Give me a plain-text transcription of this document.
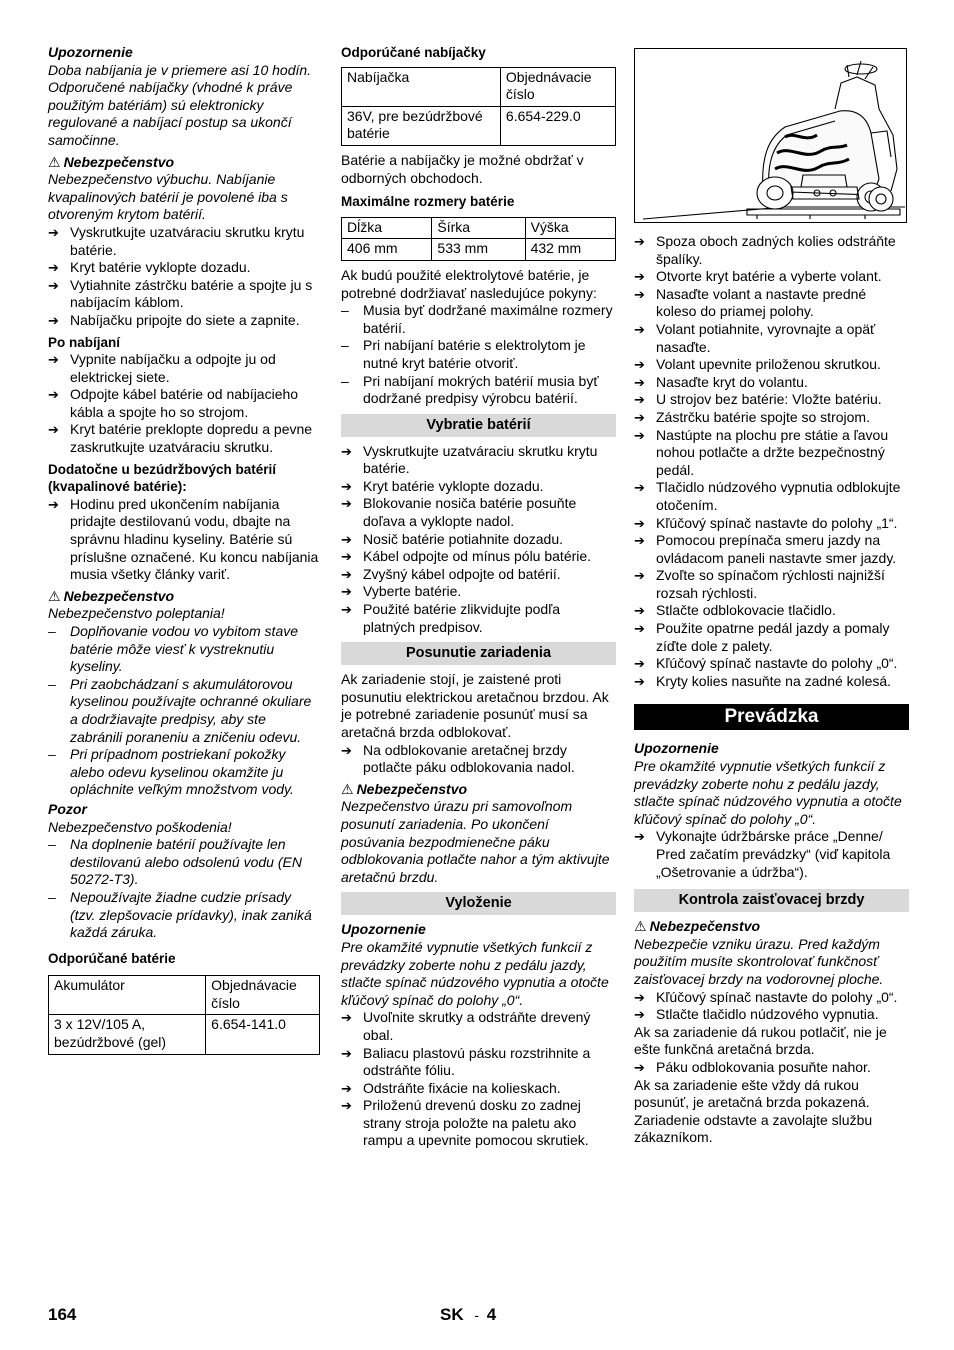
Upozornenie

Doba nabíjania je v priemere asi 10 hodín. Odporučené nabíjačky (vhodné k práve použitým batériám) sú elektronicky regulované a nabíjací postup sa ukončí samočinne.

⚠ Nebezpečenstvo

Nebezpečenstvo výbuchu. Nabíjanie kvapalinových batérií je povolené iba s otvoreným krytom batérií.

➔ Vyskrutkujte uzatváraciu skrutku krytu batérie.
➔ Kryt batérie vyklopte dozadu.
➔ Vytiahnite zástrčku batérie a spojte ju s nabíjacím káblom.
➔ Nabíjačku pripojte do siete a zapnite.

Po nabíjaní

➔ Vypnite nabíjačku a odpojte ju od elektrickej siete.
➔ Odpojte kábel batérie od nabíjacieho kábla a spojte ho so strojom.
➔ Kryt batérie preklopte dopredu a pevne zaskrutkujte uzatváraciu skrutku.

Dodatočne u bezúdržbových batérií (kvapalinové batérie):

➔ Hodinu pred ukončením nabíjania pridajte destilovanú vodu, dbajte na správnu hladinu kyseliny. Batérie sú príslušne označené. Ku koncu nabíjania musia všetky články variť.

⚠ Nebezpečenstvo

Nebezpečenstvo poleptania!

– Doplňovanie vodou vo vybitom stave batérie môže viesť k vystreknutiu kyseliny.
– Pri zaobchádzaní s akumulátorovou kyselinou používajte ochranné okuliare a dodržiavajte predpisy, aby ste zabránili poraneniu a zničeniu odevu.
– Pri prípadnom postriekaní pokožky alebo odevu kyselinou okamžite ju opláchnite veľkým množstvom vody.

Pozor

Nebezpečenstvo poškodenia!

– Na doplnenie batérií používajte len destilovanú alebo odsolenú vodu (EN 50272-T3).
– Nepoužívajte žiadne cudzie prísady (tzv. zlepšovacie prídavky), inak zaniká každá záruka.

Odporúčané batérie

Akumulátor	Objednávacie číslo
3 x 12V/105 A, bezúdržbové (gel)	6.654-141.0

Odporúčané nabíjačky

Nabíjačka	Objednávacie číslo
36V, pre bezúdržbové batérie	6.654-229.0

Batérie a nabíjačky je možné obdržať v odborných obchodoch.

Maximálne rozmery batérie

Dĺžka	Šírka	Výška
406 mm	533 mm	432 mm

Ak budú použité elektrolytové batérie, je potrebné dodržiavať nasledujúce pokyny:

– Musia byť dodržané maximálne rozmery batérií.
– Pri nabíjaní batérie s elektrolytom je nutné kryt batérie otvoriť.
– Pri nabíjaní mokrých batérií musia byť dodržané predpisy výrobcu batérií.
Vybratie batérií
➔ Vyskrutkujte uzatváraciu skrutku krytu batérie.
➔ Kryt batérie vyklopte dozadu.
➔ Blokovanie nosiča batérie posuňte doľava a vyklopte nadol.
➔ Nosič batérie potiahnite dozadu.
➔ Kábel odpojte od mínus pólu batérie.
➔ Zvyšný kábel odpojte od batérií.
➔ Vyberte batérie.
➔ Použité batérie zlikvidujte podľa platných predpisov.
Posunutie zariadenia

Ak zariadenie stojí, je zaistené proti posunutiu elektrickou aretačnou brzdou. Ak je potrebné zariadenie posunúť musí sa aretačná brzda odblokovať.

➔ Na odblokovanie aretačnej brzdy potlačte páku odblokovania nadol.

⚠ Nebezpečenstvo

Nezpečenstvo úrazu pri samovoľnom posunutí zariadenia. Po ukončení posúvania bezpodmienečne páku odblokovania potlačte nahor a tým aktivujte aretačnú brzdu.

Vyloženie

Upozornenie

Pre okamžité vypnutie všetkých funkcií z prevádzky zoberte nohu z pedálu jazdy, stlačte spínač núdzového vypnutia a otočte kľúčový spínač do polohy „0“.

➔ Uvoľnite skrutky a odstráňte drevený obal.
➔ Baliacu plastovú pásku rozstrihnite a odstráňte fóliu.
➔ Odstráňte fixácie na kolieskach.
➔ Priloženú drevenú dosku zo zadnej strany stroja položte na paletu ako rampu a upevnite pomocou skrutiek.
➔ Spoza oboch zadných kolies odstráňte špalíky.
➔ Otvorte kryt batérie a vyberte volant.
➔ Nasaďte volant a nastavte predné koleso do priamej polohy.
➔ Volant potiahnite, vyrovnajte a opäť nasaďte.
➔ Volant upevnite priloženou skrutkou.
➔ Nasaďte kryt do volantu.
➔ U strojov bez batérie: Vložte batériu.
➔ Zástrčku batérie spojte so strojom.
➔ Nastúpte na plochu pre státie a ľavou nohou potlačte a držte bezpečnostný pedál.
➔ Tlačidlo núdzového vypnutia odblokujte otočením.
➔ Kľúčový spínač nastavte do polohy „1“.
➔ Pomocou prepínača smeru jazdy na ovládacom paneli nastavte smer jazdy.
➔ Zvoľte so spínačom rýchlosti najnižší rozsah rýchlosti.
➔ Stlačte odblokovacie tlačidlo.
➔ Použite opatrne pedál jazdy a pomaly zíďte dole z palety.
➔ Kľúčový spínač nastavte do polohy „0“.
➔ Kryty kolies nasuňte na zadné kolesá.
Prevádzka

Upozornenie

Pre okamžité vypnutie všetkých funkcií z prevádzky zoberte nohu z pedálu jazdy, stlačte spínač núdzového vypnutia a otočte kľúčový spínač do polohy „0“.

➔ Vykonajte údržbárske práce „Denne/ Pred začatím prevádzky“ (viď kapitola „Ošetrovanie a údržba“).
Kontrola zaisťovacej brzdy

⚠ Nebezpečenstvo

Nebezpečie vzniku úrazu. Pred každým použitím musíte skontrolovať funkčnosť zaisťovacej brzdy na vodorovnej ploche.

➔ Kľúčový spínač nastavte do polohy „0“.
➔ Stlačte tlačidlo núdzového vypnutia.

Ak sa zariadenie dá rukou potlačiť, nie je ešte funkčná aretačná brzda.

➔ Páku odblokovania posuňte nahor.

Ak sa zariadenie ešte vždy dá rukou posunúť, je aretačná brzda pokazená. Zariadenie odstavte a zavolajte službu zákazníkom.

164	SK - 4
